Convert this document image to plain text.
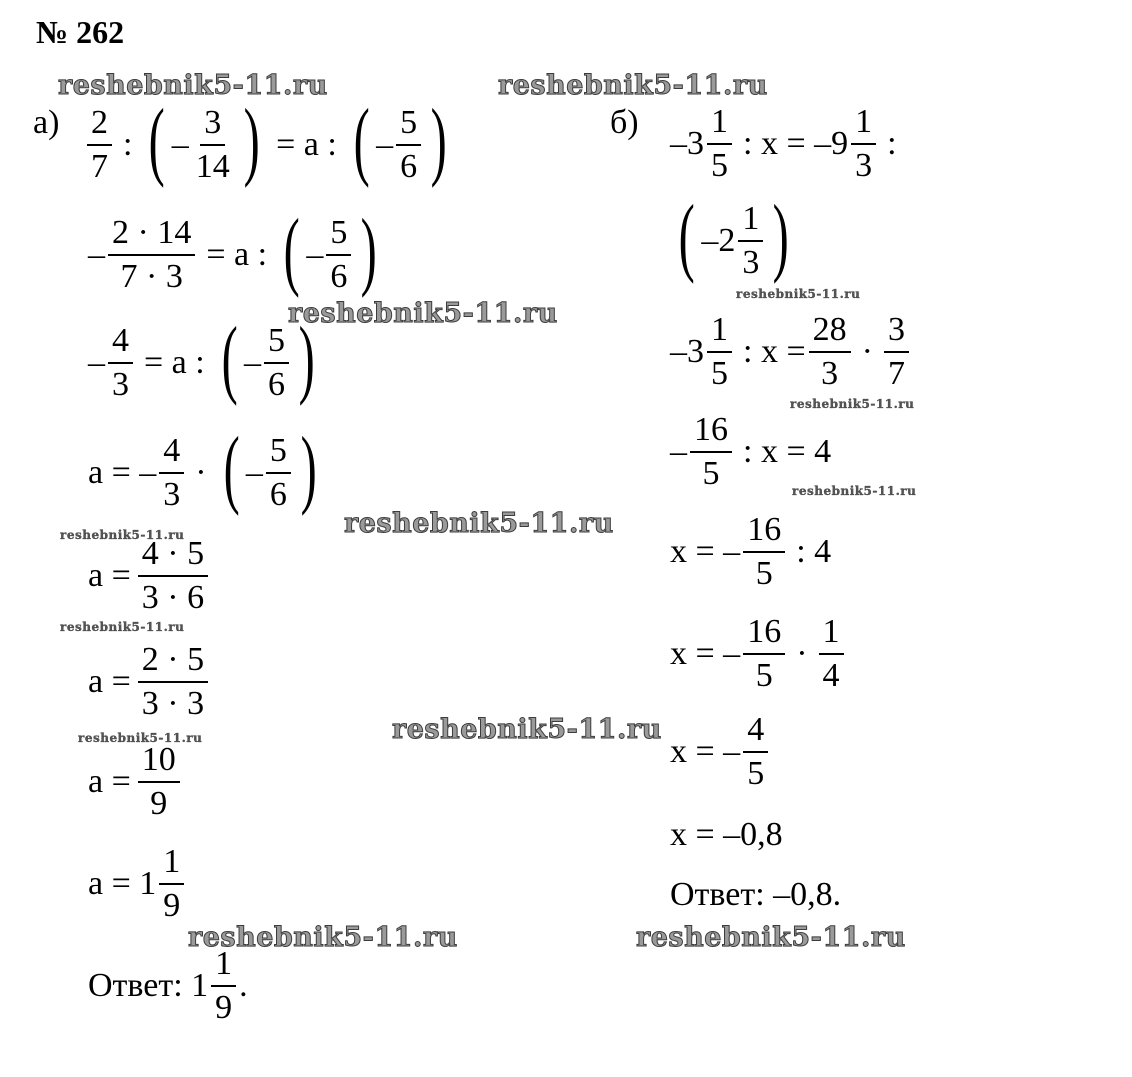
№ 262
reshebnik5-11.ru	reshebnik5-11.ru
reshebnik5-11.ru
reshebnik5-11.ru
reshebnik5-11.ru
reshebnik5-11.ru	reshebnik5-11.ru
reshebnik5-11.ru
reshebnik5-11.ru
reshebnik5-11.ru
reshebnik5-11.ru
reshebnik5-11.ru
reshebnik5-11.ru
$а) \frac{2}{7}$ : ( – $\frac{3}{14}$ ) = а : ( – $\frac{5}{6}$ )
– $\frac{2 \cdot 14}{7 \cdot 3} = а$ : ( – $\frac{5}{6}$ )
– $\frac{4}{3} = а$ : ( – $\frac{5}{6}$ )
а = – $\frac{4}{3}$ · ( – $\frac{5}{6}$ )
$а = \frac{4 \cdot 5}{3 \cdot 6}$
$а = \frac{2 \cdot 5}{3 \cdot 3}$
$а = \frac{10}{9}$
$а = 1 \frac{1}{9}$
Ответ: $1 \frac{1}{9}$ .
б)
$-3 \frac{1}{5}$ : $х = -9 \frac{1}{3}$ :
( $-2 \frac{1}{3}$ )
$-3 \frac{1}{5}$ : $х = \frac{28}{3} \cdot \frac{3}{7}$
– $\frac{16}{5}$ : х = 4
х = – $\frac{16}{5}$ : 4
х = – $\frac{16}{5} \cdot \frac{1}{4}$
х = – $\frac{4}{5}$
х = –0,8
Ответ: –0,8.
